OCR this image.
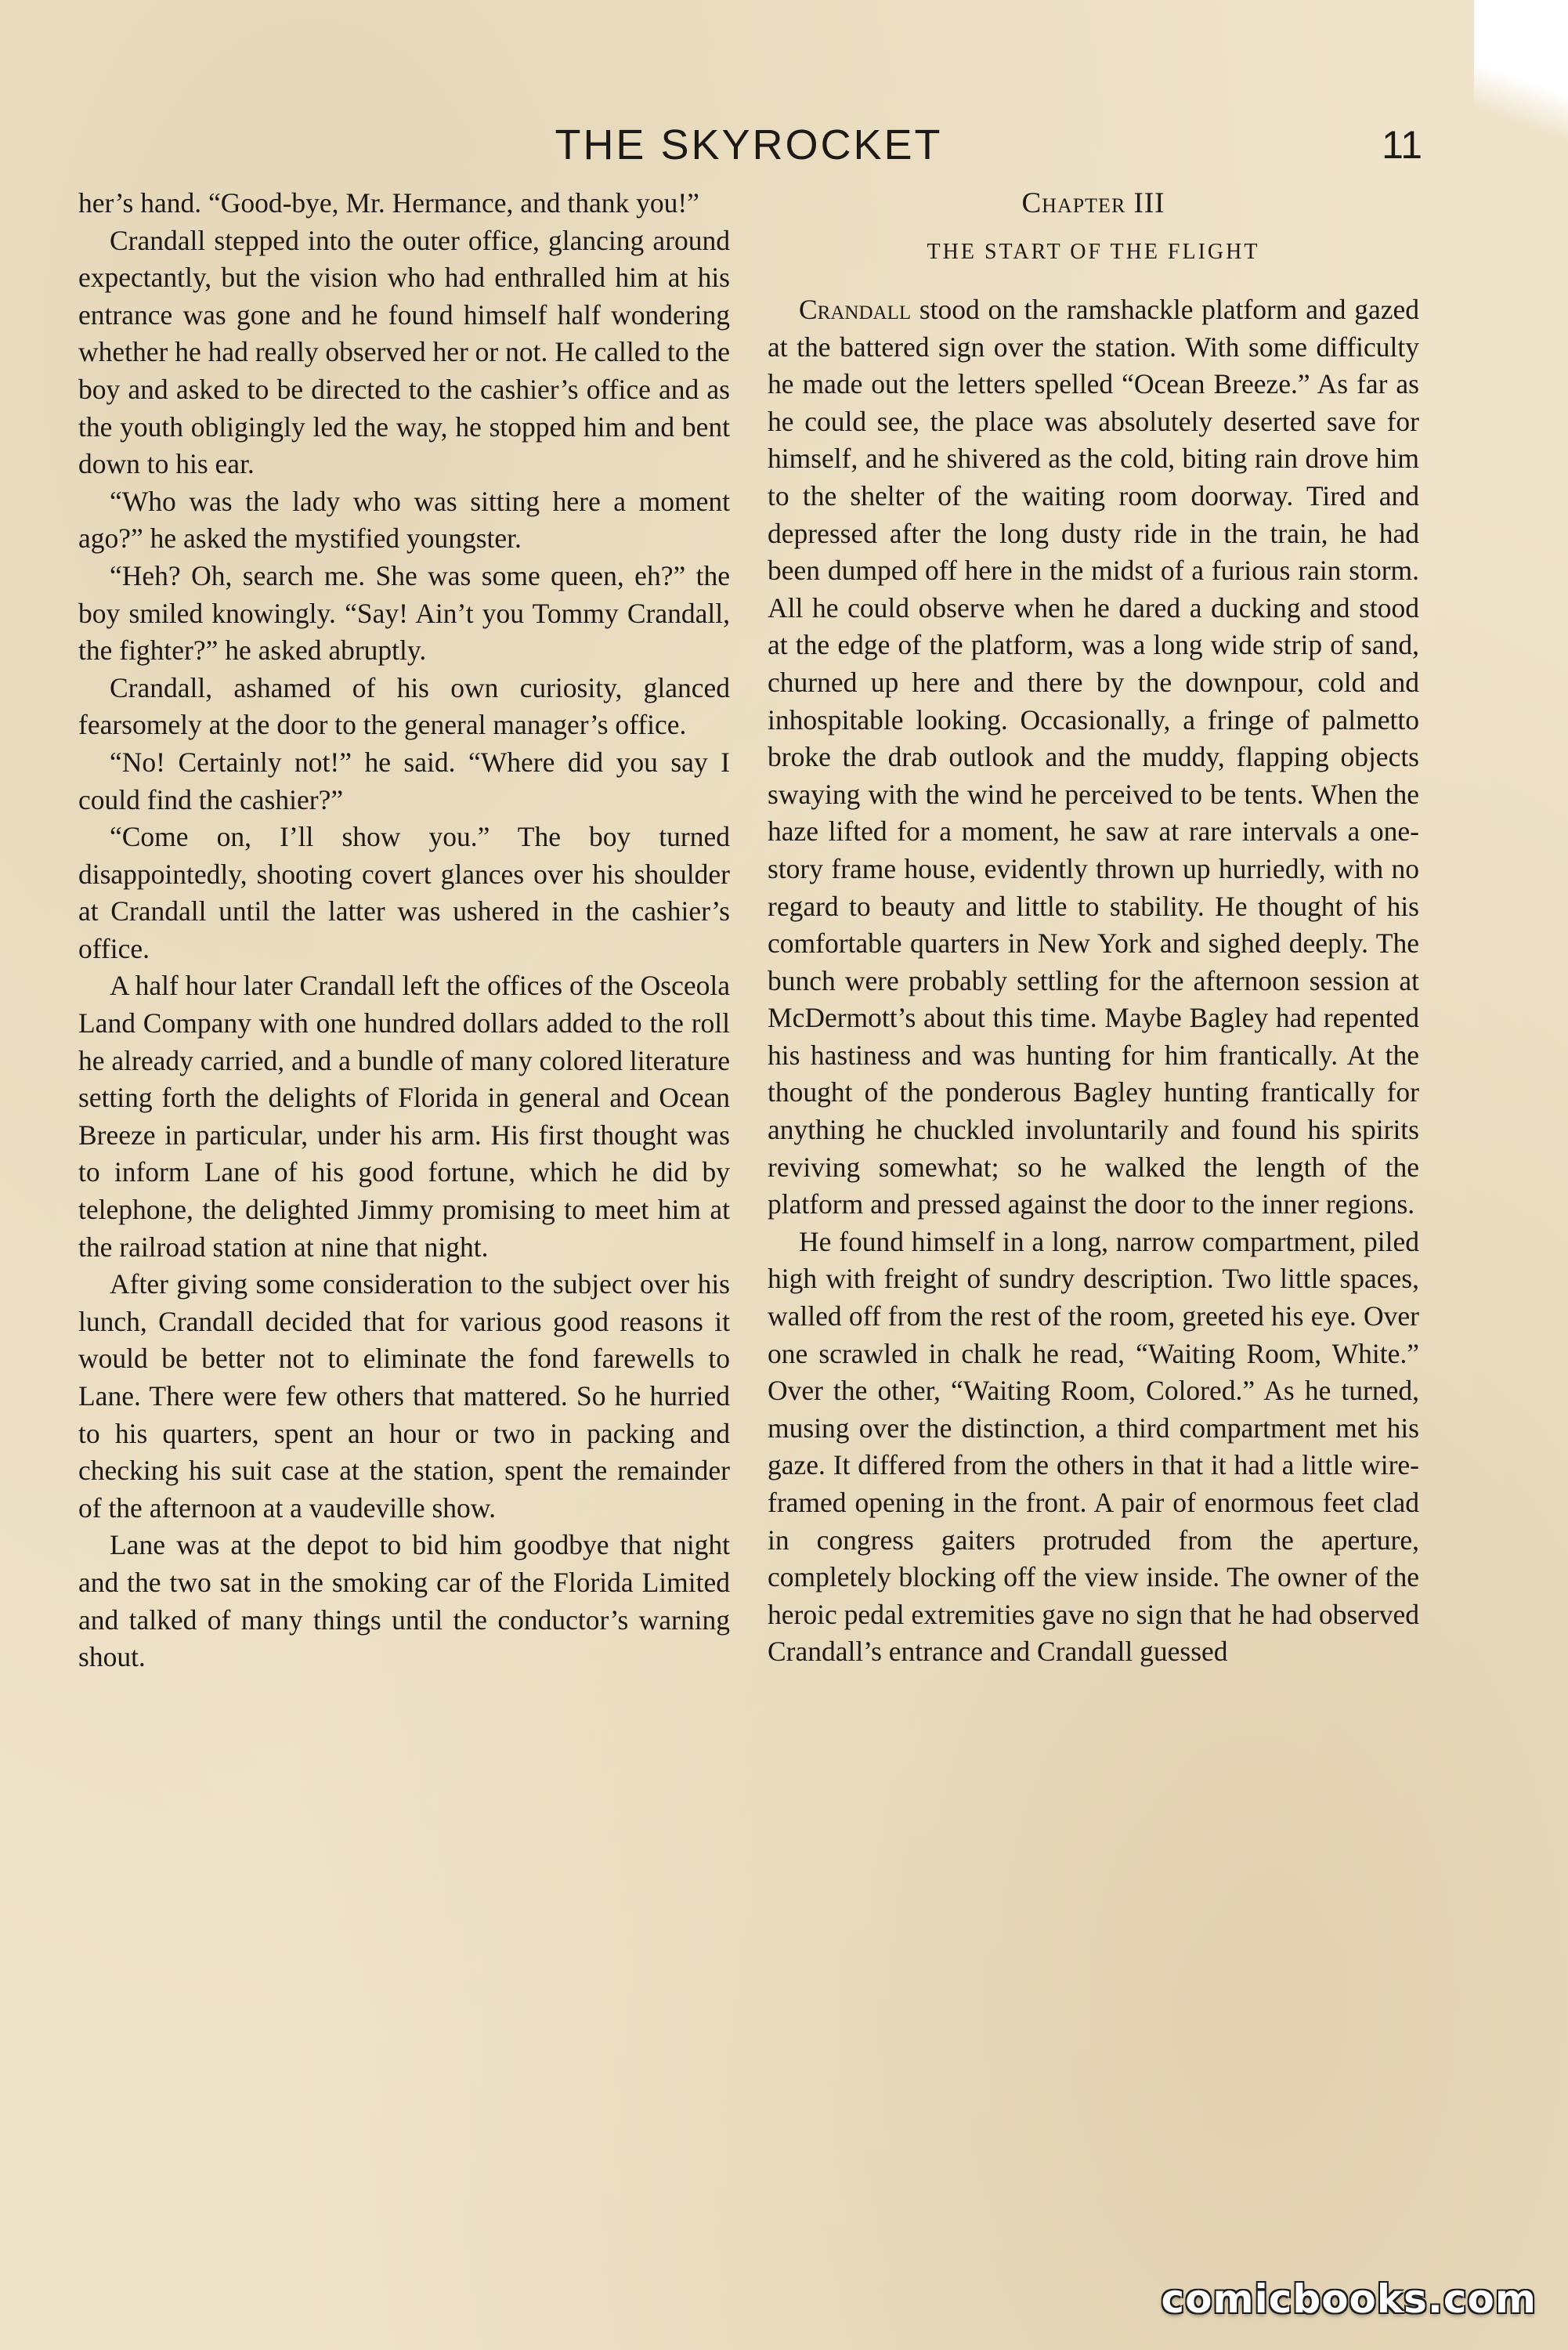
THE SKYROCKET	11

her’s hand. “Good-bye, Mr. Hermance, and thank you!”

Crandall stepped into the outer office, glancing around expectantly, but the vision who had enthralled him at his entrance was gone and he found himself half wondering whether he had really observed her or not. He called to the boy and asked to be directed to the cashier’s office and as the youth obligingly led the way, he stopped him and bent down to his ear.

“Who was the lady who was sitting here a moment ago?” he asked the mystified youngster.

“Heh? Oh, search me. She was some queen, eh?” the boy smiled knowingly. “Say! Ain’t you Tommy Crandall, the fighter?” he asked abruptly.

Crandall, ashamed of his own curiosity, glanced fearsomely at the door to the general manager’s office.

“No! Certainly not!” he said. “Where did you say I could find the cashier?”

“Come on, I’ll show you.” The boy turned disappointedly, shooting covert glances over his shoulder at Crandall until the latter was ushered in the cashier’s office.

A half hour later Crandall left the offices of the Osceola Land Company with one hundred dollars added to the roll he already carried, and a bundle of many colored literature setting forth the delights of Florida in general and Ocean Breeze in particular, under his arm. His first thought was to inform Lane of his good fortune, which he did by telephone, the delighted Jimmy promising to meet him at the railroad station at nine that night.

After giving some consideration to the subject over his lunch, Crandall decided that for various good reasons it would be better not to eliminate the fond farewells to Lane. There were few others that mattered. So he hurried to his quarters, spent an hour or two in packing and checking his suit case at the station, spent the remainder of the afternoon at a vaudeville show.

Lane was at the depot to bid him goodbye that night and the two sat in the smoking car of the Florida Limited and talked of many things until the conductor’s warning shout.

Chapter III
THE START OF THE FLIGHT

Crandall stood on the ramshackle platform and gazed at the battered sign over the station. With some difficulty he made out the letters spelled “Ocean Breeze.” As far as he could see, the place was absolutely deserted save for himself, and he shivered as the cold, biting rain drove him to the shelter of the waiting room doorway. Tired and depressed after the long dusty ride in the train, he had been dumped off here in the midst of a furious rain storm. All he could observe when he dared a ducking and stood at the edge of the platform, was a long wide strip of sand, churned up here and there by the downpour, cold and inhospitable looking. Occasionally, a fringe of palmetto broke the drab outlook and the muddy, flapping objects swaying with the wind he perceived to be tents. When the haze lifted for a moment, he saw at rare intervals a one-story frame house, evidently thrown up hurriedly, with no regard to beauty and little to stability. He thought of his comfortable quarters in New York and sighed deeply. The bunch were probably settling for the afternoon session at McDermott’s about this time. Maybe Bagley had repented his hastiness and was hunting for him frantically. At the thought of the ponderous Bagley hunting frantically for anything he chuckled involuntarily and found his spirits reviving somewhat; so he walked the length of the platform and pressed against the door to the inner regions.

He found himself in a long, narrow compartment, piled high with freight of sundry description. Two little spaces, walled off from the rest of the room, greeted his eye. Over one scrawled in chalk he read, “Waiting Room, White.” Over the other, “Waiting Room, Colored.” As he turned, musing over the distinction, a third compartment met his gaze. It differed from the others in that it had a little wire-framed opening in the front. A pair of enormous feet clad in congress gaiters protruded from the aperture, completely blocking off the view inside. The owner of the heroic pedal extremities gave no sign that he had observed Crandall’s entrance and Crandall guessed

comicbooks.com
